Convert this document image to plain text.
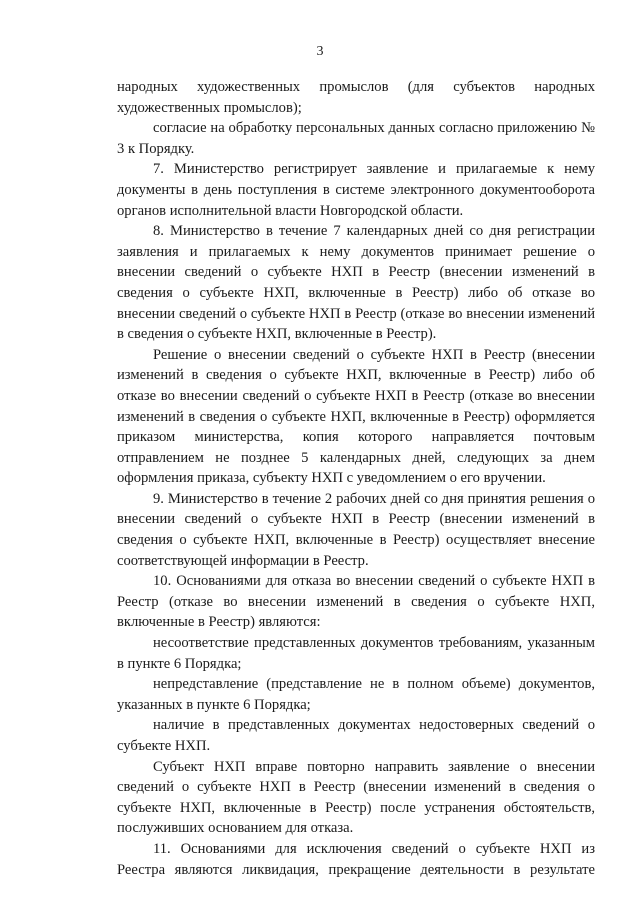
3

народных художественных промыслов (для субъектов народных художественных промыслов);

согласие на обработку персональных данных согласно приложению № 3 к Порядку.

7. Министерство регистрирует заявление и прилагаемые к нему документы в день поступления в системе электронного документооборота органов исполнительной власти Новгородской области.

8. Министерство в течение 7 календарных дней со дня регистрации заявления и прилагаемых к нему документов принимает решение о внесении сведений о субъекте НХП в Реестр (внесении изменений в сведения о субъекте НХП, включенные в Реестр) либо об отказе во внесении сведений о субъекте НХП в Реестр (отказе во внесении изменений в сведения о субъекте НХП, включенные в Реестр).

Решение о внесении сведений о субъекте НХП в Реестр (внесении изменений в сведения о субъекте НХП, включенные в Реестр) либо об отказе во внесении сведений о субъекте НХП в Реестр (отказе во внесении изменений в сведения о субъекте НХП, включенные в Реестр) оформляется приказом министерства, копия которого направляется почтовым отправлением не позднее 5 календарных дней, следующих за днем оформления приказа, субъекту НХП с уведомлением о его вручении.

9. Министерство в течение 2 рабочих дней со дня принятия решения о внесении сведений о субъекте НХП в Реестр (внесении изменений в сведения о субъекте НХП, включенные в Реестр) осуществляет внесение соответствующей информации в Реестр.

10. Основаниями для отказа во внесении сведений о субъекте НХП в Реестр (отказе во внесении изменений в сведения о субъекте НХП, включенные в Реестр) являются:

несоответствие представленных документов требованиям, указанным в пункте 6 Порядка;

непредставление (представление не в полном объеме) документов, указанных в пункте 6 Порядка;

наличие в представленных документах недостоверных сведений о субъекте НХП.

Субъект НХП вправе повторно направить заявление о внесении сведений о субъекте НХП в Реестр (внесении изменений в сведения о субъекте НХП, включенные в Реестр) после устранения обстоятельств, послуживших основанием для отказа.

11. Основаниями для исключения сведений о субъекте НХП из Реестра являются ликвидация, прекращение деятельности в результате
